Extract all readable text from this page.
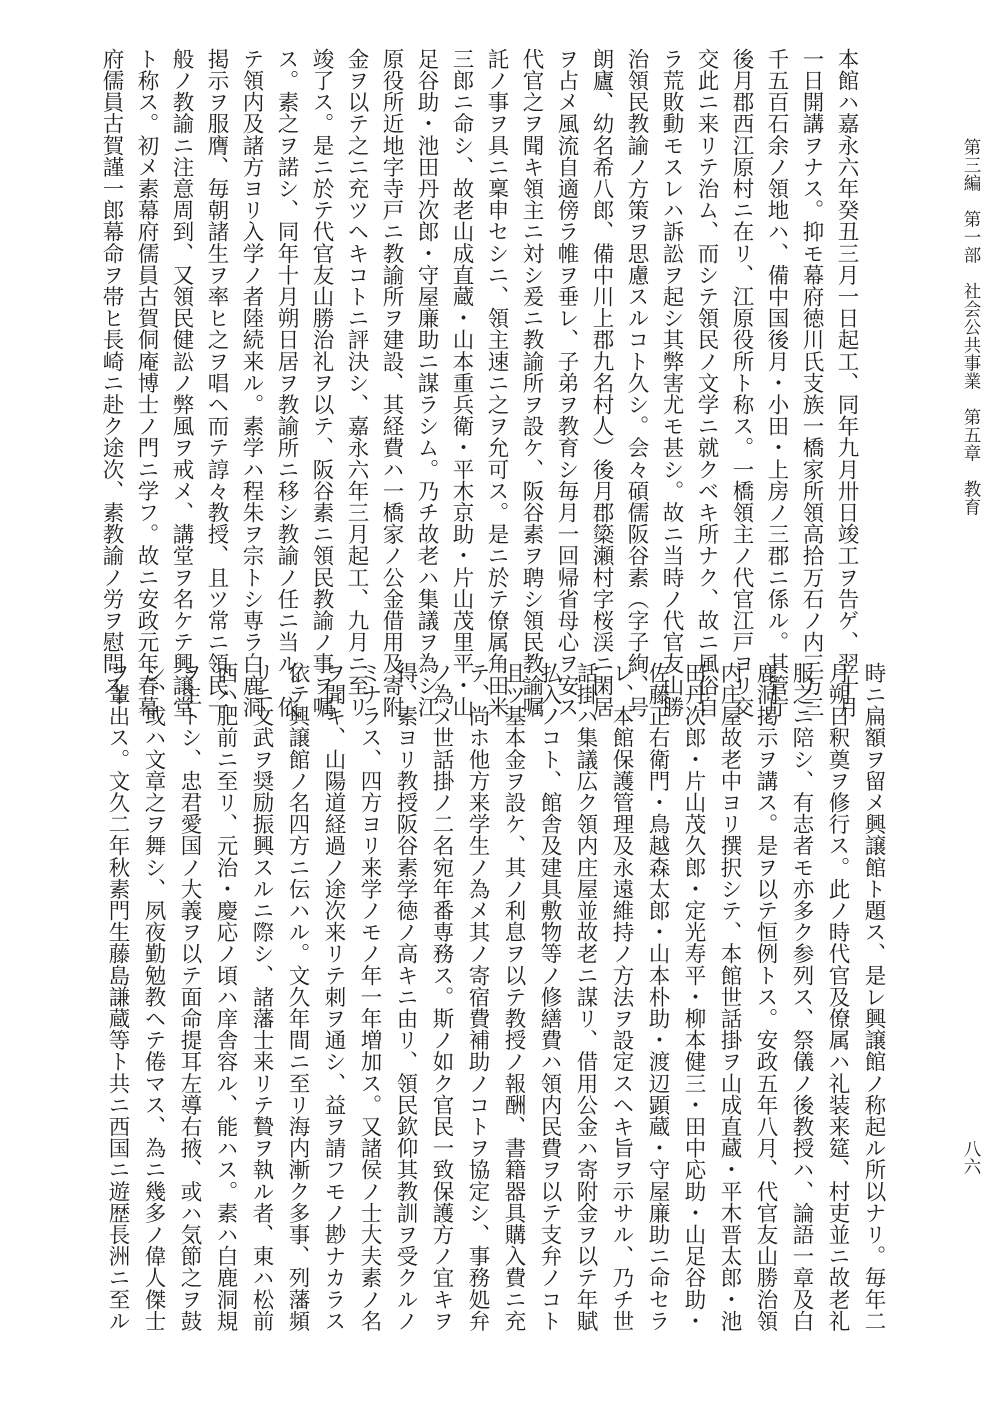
第三編　第一部　社会公共事業　第五章　教育
八六
本館ハ嘉永六年癸丑三月一日起工、同年九月卅日竣工ヲ告ゲ、翌十月
一日開講ヲナス。抑モ幕府徳川氏支族一橋家所領高拾万石ノ内三万三
千五百石余ノ領地ハ、備中国後月・小田・上房ノ三郡ニ係ル。其管庁
後月郡西江原村ニ在リ、江原役所ト称ス。一橋領主ノ代官江戸ヨリ交
交此ニ来リテ治ム、而シテ領民ノ文学ニ就クベキ所ナク、故ニ風俗自
ラ荒敗動モスレハ訴訟ヲ起シ其弊害尤モ甚シ。故ニ当時ノ代官友山勝
治領民教諭ノ方策ヲ思慮スルコト久シ。会々碩儒阪谷素（字子絢、号
朗廬、幼名希八郎、備中川上郡九名村人）後月郡簗瀬村字桜渓ニ閑居
ヲ占メ風流自適傍ラ帷ヲ垂レ、子弟ヲ教育シ毎月一回帰省母心ヲ安ス
代官之ヲ聞キ領主ニ対シ爰ニ教諭所ヲ設ケ、阪谷素ヲ聘シ領民教諭嘱
託ノ事ヲ具ニ稟申セシニ、領主速ニ之ヲ允可ス。是ニ於テ僚属角田米
三郎ニ命シ、故老山成直蔵・山本重兵衛・平木京助・片山茂里平・山
足谷助・池田丹次郎・守屋廉助ニ謀ラシム。乃チ故老ハ集議ヲ為シ江
原役所近地字寺戸ニ教諭所ヲ建設、其経費ハ一橋家ノ公金借用及寄附
金ヲ以テ之ニ充ツヘキコトニ評決シ、嘉永六年三月起工、九月ニ至リ
竣了ス。是ニ於テ代官友山勝治礼ヲ以テ、阪谷素ニ領民教諭ノ事ヲ嘱
ス。素之ヲ諾シ、同年十月朔日居ヲ教諭所ニ移シ教諭ノ任ニ当ル。依
テ領内及諸方ヨリ入学ノ者陸続来ル。素学ハ程朱ヲ宗トシ専ラ白鹿洞
掲示ヲ服膺、毎朝諸生ヲ率ヒ之ヲ唱ヘ而テ諄々教授、且ツ常ニ領民一
般ノ教諭ニ注意周到、又領民健訟ノ弊風ヲ戒メ、講堂ヲ名ケテ興譲堂
ト称ス。初メ素幕府儒員古賀侗庵博士ノ門ニ学フ。故ニ安政元年春幕
府儒員古賀謹一郎幕命ヲ帯ヒ長崎ニ赴ク途次、素教諭ノ労ヲ慰問ス。
時ニ扁額ヲ留メ興譲館ト題ス、是レ興譲館ノ称起ル所以ナリ。毎年二
月朔日釈奠ヲ修行ス。此ノ時代官及僚属ハ礼装来筵、村吏並ニ故老礼
服之ニ陪シ、有志者モ亦多ク参列ス、祭儀ノ後教授ハ、論語一章及白
鹿洞掲示ヲ講ス。是ヲ以テ恒例トス。安政五年八月、代官友山勝治領
内庄屋故老中ヨリ撰択シテ、本館世話掛ヲ山成直蔵・平木晋太郎・池
田丹次郎・片山茂久郎・定光寿平・柳本健三・田中応助・山足谷助・
佐藤正右衛門・鳥越森太郎・山本朴助・渡辺顕蔵・守屋廉助ニ命セラ
レ、本館保護管理及永遠維持ノ方法ヲ設定スヘキ旨ヲ示サル、乃チ世
話掛ハ集議広ク領内庄屋並故老ニ謀リ、借用公金ハ寄附金ヲ以テ年賦
払入ノコト、館舎及建具敷物等ノ修繕費ハ領内民費ヲ以テ支弁ノコト
且ツ基本金ヲ設ケ、其ノ利息ヲ以テ教授ノ報酬、書籍器具購入費ニ充
テ、尚ホ他方来学生ノ為メ其ノ寄宿費補助ノコトヲ協定シ、事務処弁
ノ為メ世話掛ノ二名宛年番専務ス。斯ノ如ク官民一致保護方ノ宜キヲ
得、素ヨリ教授阪谷素学徳ノ高キニ由リ、領民欽仰其教訓ヲ受クルノ
ミナラス、四方ヨリ来学ノモノ年一年増加ス。又諸侯ノ士大夫素ノ名
ヲ聞キ、山陽道経過ノ途次来リテ刺ヲ通シ、益ヲ請フモノ尠ナカラス
依テ興譲館ノ名四方ニ伝ハル。文久年間ニ至リ海内漸ク多事、列藩頻
リニ文武ヲ奨励振興スルニ際シ、諸藩士来リテ贄ヲ執ル者、東ハ松前
西ハ肥前ニ至リ、元治・慶応ノ頃ハ庠舎容ル、能ハス。素ハ白鹿洞規
ヲ主トシ、忠君愛国ノ大義ヲ以テ面命提耳左導右掖、或ハ気節之ヲ鼓
シ、或ハ文章之ヲ舞シ、夙夜勤勉教ヘテ倦マス、為ニ幾多ノ偉人傑士
ヲ輩出ス。文久二年秋素門生藤島謙蔵等ト共ニ西国ニ遊歴長洲ニ至ル
